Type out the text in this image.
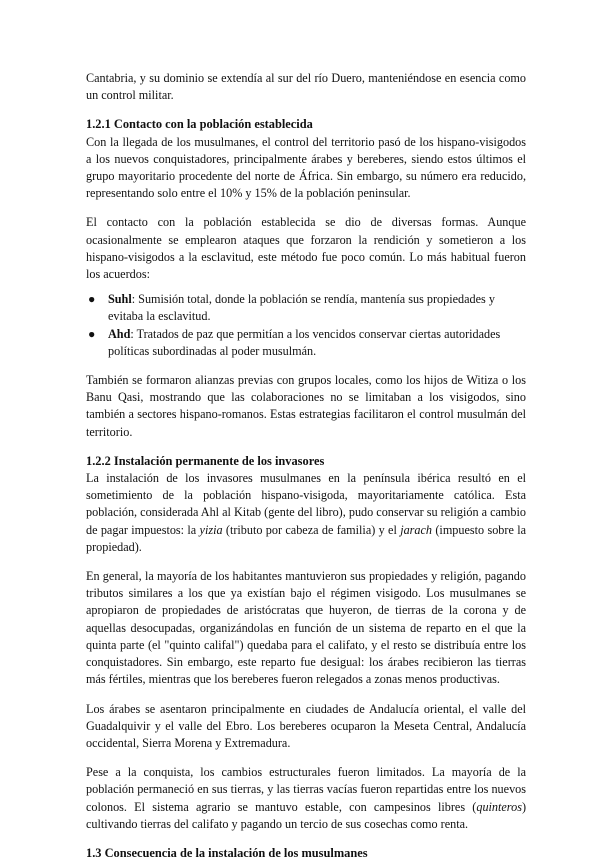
Cantabria, y su dominio se extendía al sur del río Duero, manteniéndose en esencia como un control militar.

1.2.1 Contacto con la población establecida

Con la llegada de los musulmanes, el control del territorio pasó de los hispano-visigodos a los nuevos conquistadores, principalmente árabes y bereberes, siendo estos últimos el grupo mayoritario procedente del norte de África. Sin embargo, su número era reducido, representando solo entre el 10% y 15% de la población peninsular.

El contacto con la población establecida se dio de diversas formas. Aunque ocasionalmente se emplearon ataques que forzaron la rendición y sometieron a los hispano-visigodos a la esclavitud, este método fue poco común. Lo más habitual fueron los acuerdos:

● Suhl: Sumisión total, donde la población se rendía, mantenía sus propiedades y evitaba la esclavitud.
● Ahd: Tratados de paz que permitían a los vencidos conservar ciertas autoridades políticas subordinadas al poder musulmán.

También se formaron alianzas previas con grupos locales, como los hijos de Witiza o los Banu Qasi, mostrando que las colaboraciones no se limitaban a los visigodos, sino también a sectores hispano-romanos. Estas estrategias facilitaron el control musulmán del territorio.

1.2.2 Instalación permanente de los invasores

La instalación de los invasores musulmanes en la península ibérica resultó en el sometimiento de la población hispano-visigoda, mayoritariamente católica. Esta población, considerada Ahl al Kitab (gente del libro), pudo conservar su religión a cambio de pagar impuestos: la yizia (tributo por cabeza de familia) y el jarach (impuesto sobre la propiedad).

En general, la mayoría de los habitantes mantuvieron sus propiedades y religión, pagando tributos similares a los que ya existían bajo el régimen visigodo. Los musulmanes se apropiaron de propiedades de aristócratas que huyeron, de tierras de la corona y de aquellas desocupadas, organizándolas en función de un sistema de reparto en el que la quinta parte (el "quinto califal") quedaba para el califato, y el resto se distribuía entre los conquistadores. Sin embargo, este reparto fue desigual: los árabes recibieron las tierras más fértiles, mientras que los bereberes fueron relegados a zonas menos productivas.

Los árabes se asentaron principalmente en ciudades de Andalucía oriental, el valle del Guadalquivir y el valle del Ebro. Los bereberes ocuparon la Meseta Central, Andalucía occidental, Sierra Morena y Extremadura.

Pese a la conquista, los cambios estructurales fueron limitados. La mayoría de la población permaneció en sus tierras, y las tierras vacías fueron repartidas entre los nuevos colonos. El sistema agrario se mantuvo estable, con campesinos libres (quinteros) cultivando tierras del califato y pagando un tercio de sus cosechas como renta.

1.3 Consecuencia de la instalación de los musulmanes
